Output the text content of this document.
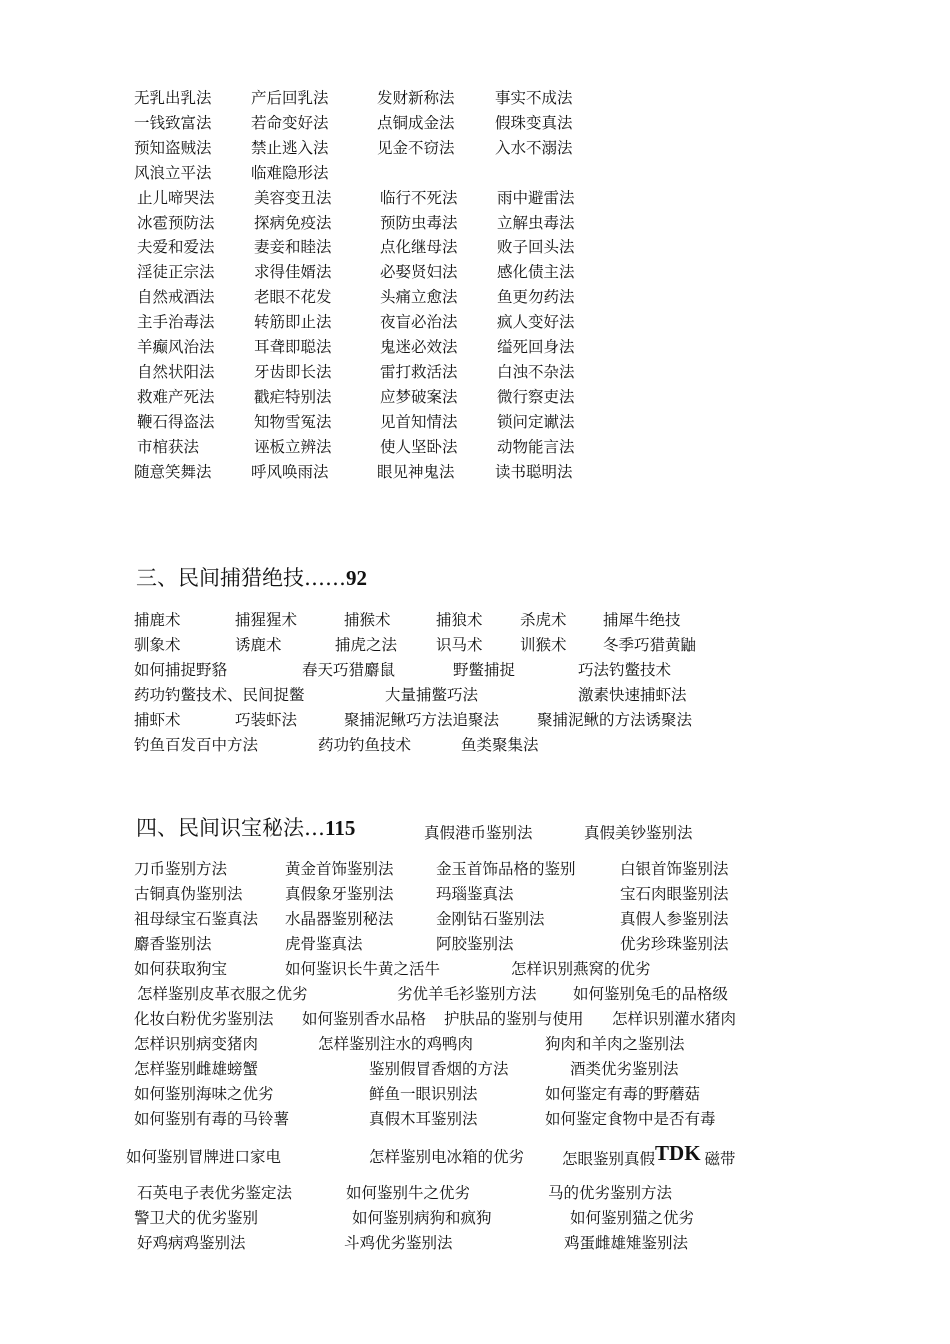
无乳出乳法	产后回乳法	发财新称法	事实不成法
一钱致富法	若命变好法	点铜成金法	假珠变真法
预知盗贼法	禁止逃入法	见金不窃法	入水不溺法
风浪立平法	临难隐形法
止儿啼哭法	美容变丑法	临行不死法	雨中避雷法
冰雹预防法	探病免疫法	预防虫毒法	立解虫毒法
夫爱和爱法	妻妾和睦法	点化继母法	败子回头法
淫徒正宗法	求得佳婿法	必娶贤妇法	感化债主法
自然戒酒法	老眼不花发	头痛立愈法	鱼更勿药法
主手治毒法	转筋即止法	夜盲必治法	疯人变好法
羊癫风治法	耳聋即聪法	鬼迷必效法	缢死回身法
自然状阳法	牙齿即长法	雷打救活法	白浊不杂法
救难产死法	戳疟特别法	应梦破案法	微行察吏法
鞭石得盗法	知物雪冤法	见首知情法	锁问定谳法
市棺获法	诬板立辨法	使人坚卧法	动物能言法
随意笑舞法	呼风唤雨法	眼见神鬼法	读书聪明法
三、民间捕猎绝技……92
捕鹿术	捕猩猩术	捕猴术	捕狼术 杀虎术 捕犀牛绝技
驯象术	诱鹿术	捕虎之法	识马术 训猴术 冬季巧猎黄鼬
如何捕捉野貉	春天巧猎麝鼠	野鳖捕捉	巧法钓鳖技术
药功钓鳖技术、民间捉鳖	大量捕鳖巧法	激素快速捕虾法
捕虾术	巧装虾法	聚捕泥鳅巧方法追聚法 聚捕泥鳅的方法诱聚法
钓鱼百发百中方法	药功钓鱼技术	鱼类聚集法
四、民间识宝秘法…115	真假港币鉴别法	真假美钞鉴别法
刀币鉴别方法	黄金首饰鉴别法	金玉首饰品格的鉴别	白银首饰鉴别法
古铜真伪鉴别法	真假象牙鉴别法	玛瑙鉴真法	宝石肉眼鉴别法
祖母绿宝石鉴真法 水晶器鉴别秘法	金刚钻石鉴别法	真假人参鉴别法
麝香鉴别法	虎骨鉴真法	阿胶鉴别法	优劣珍珠鉴别法
如何获取狗宝	如何鉴识长牛黄之活牛	怎样识别燕窝的优劣
怎样鉴别皮革衣服之优劣	劣优羊毛衫鉴别方法 如何鉴别兔毛的品格级
化妆白粉优劣鉴别法 如何鉴别香水品格 护肤品的鉴别与使用 怎样识别灌水猪肉
怎样识别病变猪肉	怎样鉴别注水的鸡鸭肉	狗肉和羊肉之鉴别法
怎样鉴别雌雄螃蟹	鉴别假冒香烟的方法	酒类优劣鉴别法
如何鉴别海味之优劣	鲜鱼一眼识别法	如何鉴定有毒的野蘑菇
如何鉴别有毒的马铃薯	真假木耳鉴别法	如何鉴定食物中是否有毒
如何鉴别冒牌进口家电	怎样鉴别电冰箱的优劣 怎眼鉴别真假TDK 磁带
石英电子表优劣鉴定法	如何鉴别牛之优劣	马的优劣鉴别方法
警卫犬的优劣鉴别	如何鉴别病狗和疯狗	如何鉴别猫之优劣
好鸡病鸡鉴别法	斗鸡优劣鉴别法	鸡蛋雌雄雉鉴别法
